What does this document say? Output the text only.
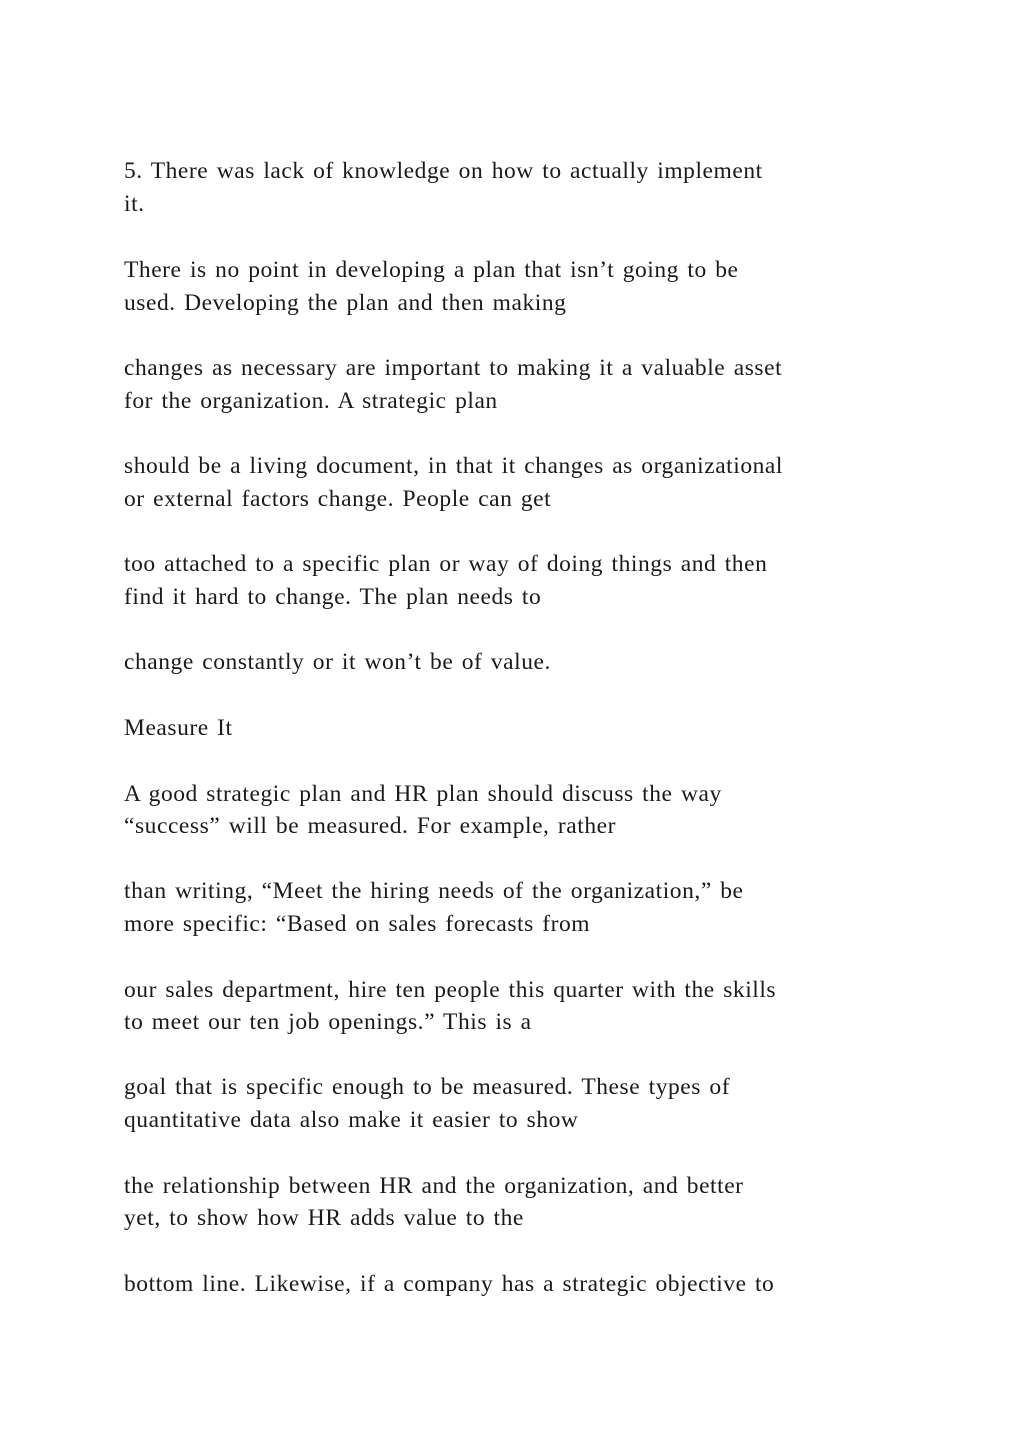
5. There was lack of knowledge on how to actually implement

it.

There is no point in developing a plan that isn’t going to be

used. Developing the plan and then making

changes as necessary are important to making it a valuable asset

for the organization. A strategic plan

should be a living document, in that it changes as organizational

or external factors change. People can get

too attached to a specific plan or way of doing things and then

find it hard to change. The plan needs to

change constantly or it won’t be of value.

Measure It

A good strategic plan and HR plan should discuss the way

“success” will be measured. For example, rather

than writing, “Meet the hiring needs of the organization,” be

more specific: “Based on sales forecasts from

our sales department, hire ten people this quarter with the skills

to meet our ten job openings.” This is a

goal that is specific enough to be measured. These types of

quantitative data also make it easier to show

the relationship between HR and the organization, and better

yet, to show how HR adds value to the

bottom line. Likewise, if a company has a strategic objective to
